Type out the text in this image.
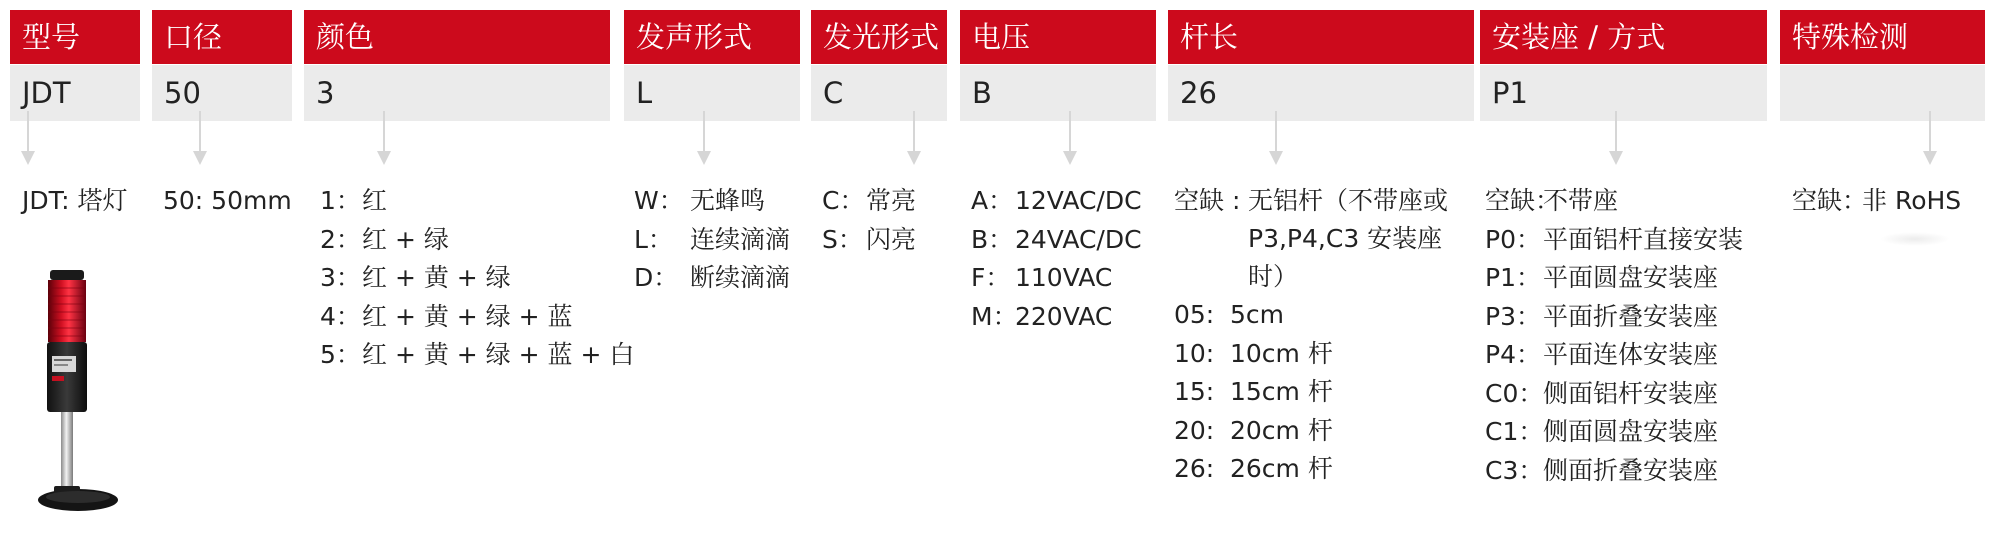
型号
JDT
口径
50
颜色
3
发声形式
L
发光形式
C
电压
B
杆长
26
安装座 / 方式
P1
特殊检测
JDT: 塔灯 50: 50mm 1： 红
2： 红 + 绿
3： 红 + 黄 + 绿
4： 红 + 黄 + 绿 + 蓝
5： 红 + 黄 + 绿 + 蓝 + 白
W： 无蜂鸣
L： 连续滴滴
D： 断续滴滴
C： 常亮
S： 闪亮
A： 12VAC/DC
B： 24VAC/DC
F： 110VAC
M：
220VAC
空缺 : 无铝杆（不带座或
P3,P4,C3 安装座
时）
05: 5cm
10: 10cm 杆
15: 15cm 杆
20: 20cm 杆
26: 26cm 杆
空缺：
不带座
P0： 平面铝杆直接安装
P1： 平面圆盘安装座
P3： 平面折叠安装座
P4： 平面连体安装座
C0： 侧面铝杆安装座
C1： 侧面圆盘安装座
C3： 侧面折叠安装座
空缺：
非 RoHS
